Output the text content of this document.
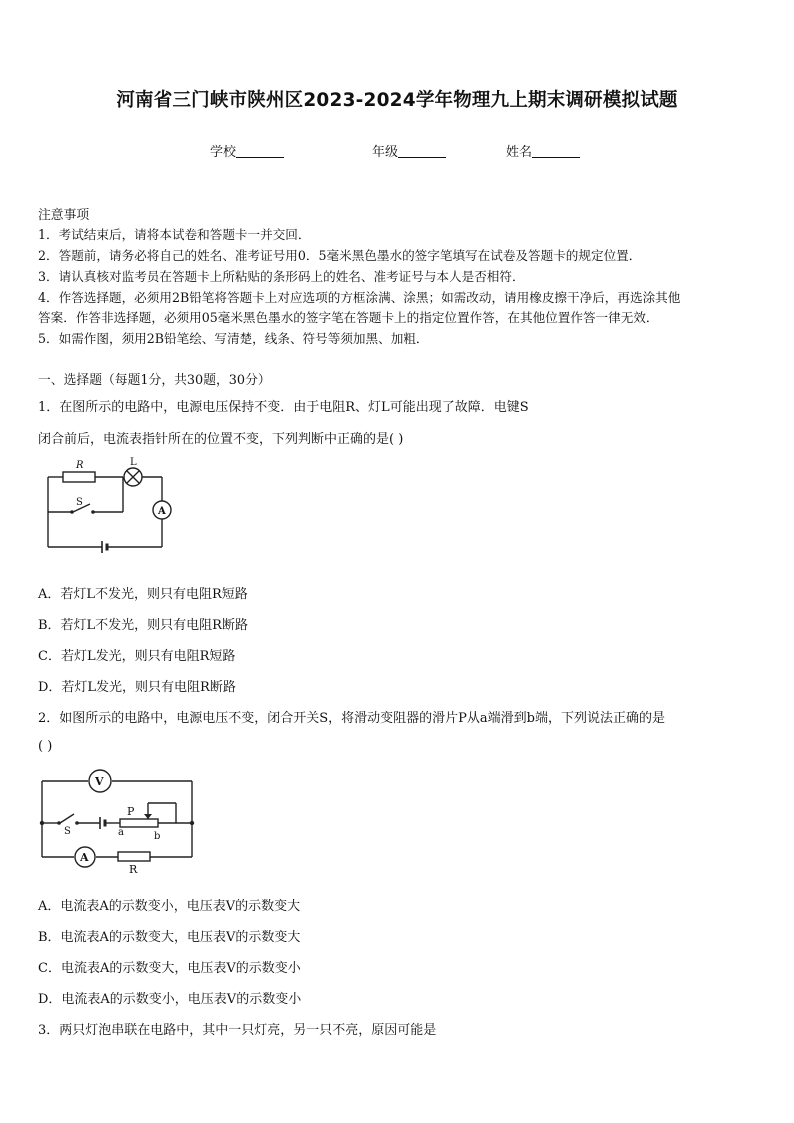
河南省三门峡市陕州区2023-2024学年物理九上期末调研模拟试题
学校	年级	姓名
注意事项
1．考试结束后，请将本试卷和答题卡一并交回．
2．答题前，请务必将自己的姓名、准考证号用0．5毫米黑色墨水的签字笔填写在试卷及答题卡的规定位置．
3．请认真核对监考员在答题卡上所粘贴的条形码上的姓名、准考证号与本人是否相符．
4．作答选择题，必须用2B铅笔将答题卡上对应选项的方框涂满、涂黑；如需改动，请用橡皮擦干净后，再选涂其他
答案．作答非选择题，必须用05毫米黑色墨水的签字笔在答题卡上的指定位置作答，在其他位置作答一律无效．
5．如需作图，须用2B铅笔绘、写清楚，线条、符号等须加黑、加粗．
一、选择题（每题1分，共30题，30分）
1．在图所示的电路中，电源电压保持不变．由于电阻R、灯L可能出现了故障．电键S
闭合前后，电流表指针所在的位置不变，下列判断中正确的是( )
R	L
S
A
A．若灯L不发光，则只有电阻R短路
B．若灯L不发光，则只有电阻R断路
C．若灯L发光，则只有电阻R短路
D．若灯L发光，则只有电阻R断路
2．如图所示的电路中，电源电压不变，闭合开关S，将滑动变阻器的滑片P从a端滑到b端，下列说法正确的是
( )
V
P
S	a	b
A
R
A．电流表A的示数变小，电压表V的示数变大
B．电流表A的示数变大，电压表V的示数变大
C．电流表A的示数变大，电压表V的示数变小
D．电流表A的示数变小，电压表V的示数变小
3．两只灯泡串联在电路中，其中一只灯亮，另一只不亮，原因可能是
